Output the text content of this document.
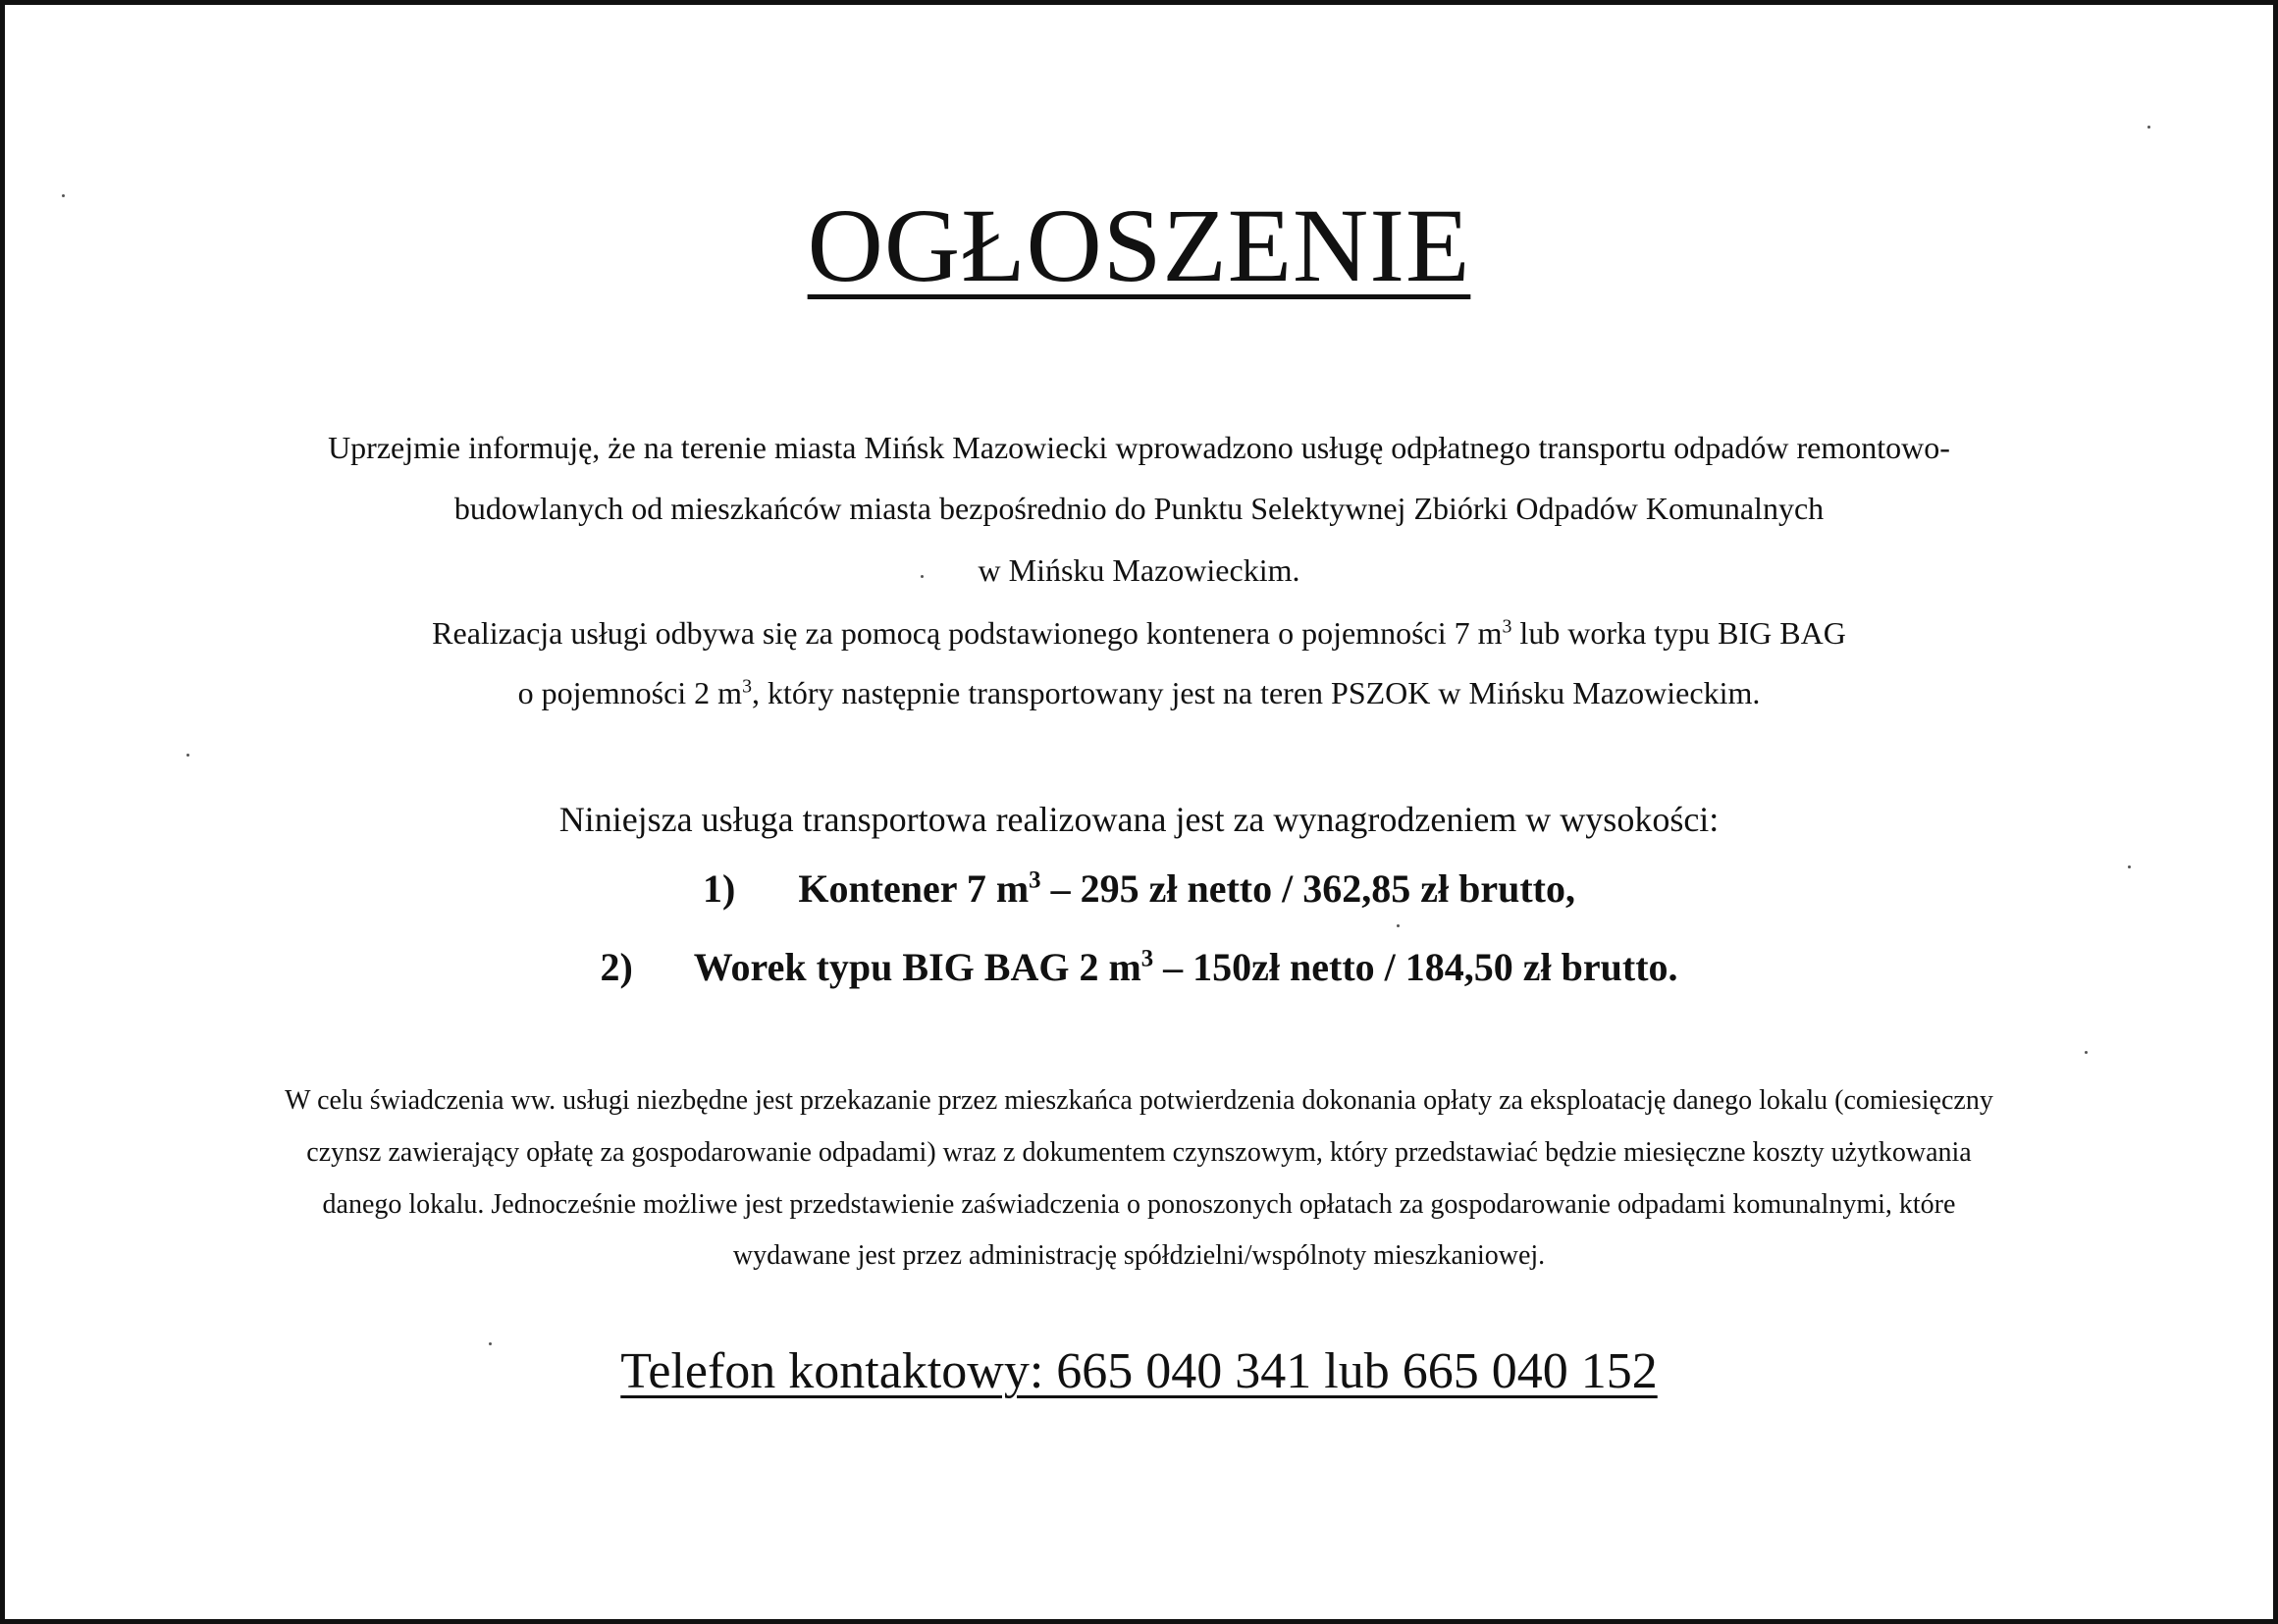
OGŁOSZENIE
Uprzejmie informuję, że na terenie miasta Mińsk Mazowiecki wprowadzono usługę odpłatnego transportu odpadów remontowo-
budowlanych od mieszkańców miasta bezpośrednio do Punktu Selektywnej Zbiórki Odpadów Komunalnych
w Mińsku Mazowieckim.
Realizacja usługi odbywa się za pomocą podstawionego kontenera o pojemności 7 $m^3$ lub worka typu BIG BAG
o pojemności 2 $m^3$, który następnie transportowany jest na teren PSZOK w Mińsku Mazowieckim.
Niniejsza usługa transportowa realizowana jest za wynagrodzeniem w wysokości:
1) Kontener 7 $m^3 - 295$ zł netto / 362,85 zł brutto,
2) Worek typu BIG BAG 2 $m^3$ – 150zł netto / 184,50 zł brutto.
W celu świadczenia ww. usługi niezbędne jest przekazanie przez mieszkańca potwierdzenia dokonania opłaty za eksploatację danego lokalu (comiesięczny
czynsz zawierający opłatę za gospodarowanie odpadami) wraz z dokumentem czynszowym, który przedstawiać będzie miesięczne koszty użytkowania
danego lokalu. Jednocześnie możliwe jest przedstawienie zaświadczenia o ponoszonych opłatach za gospodarowanie odpadami komunalnymi, które
wydawane jest przez administrację spółdzielni/wspólnoty mieszkaniowej.
Telefon kontaktowy: 665 040 341 lub 665 040 152
